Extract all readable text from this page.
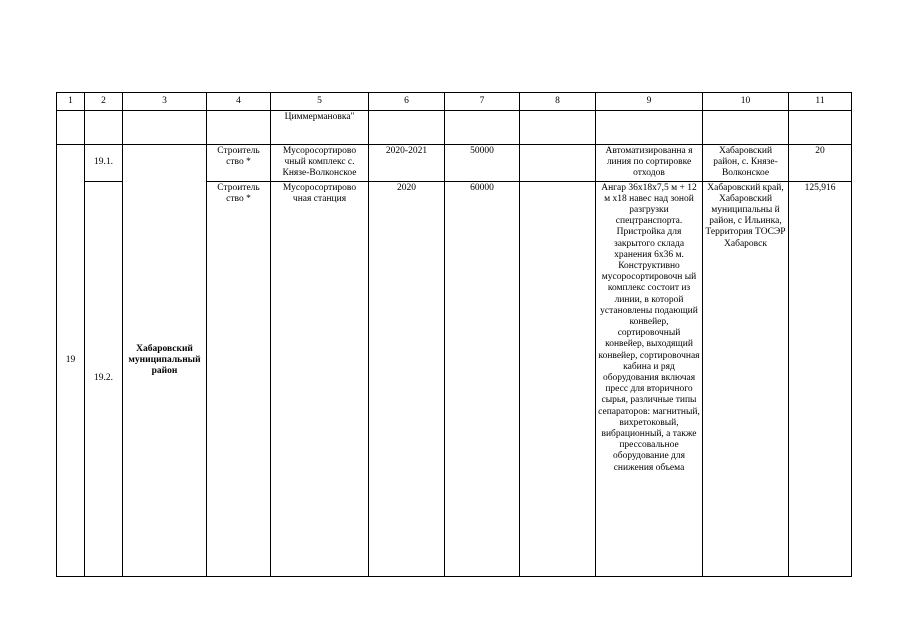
1	2	3	4	5	6	7	8	9	10	11
				Циммермановка"						
19	19.1.	Хабаровский муниципальный район	Строитель ство *	Мусоросортирово чный комплекс с. Князе-Волконское	2020-2021	50000		Автоматизированна я линия по сортировке отходов	Хабаровский район, с. Князе-Волконское	20
	19.2.		Строитель ство *	Мусоросортирово чная станция	2020	60000		Ангар 36х18х7,5 м + 12 м х18 навес над зоной разгрузки спецтранспорта. Пристройка для закрытого склада хранения 6х36 м. Конструктивно мусоросортировочн ый комплекс состоит из линии, в которой установлены подающий конвейер, сортировочный конвейер, выходящий конвейер, сортировочная кабина и ряд оборудования включая пресс для вторичного сырья, различные типы сепараторов: магнитный, вихретоковый, вибрационный, а также прессовальное оборудование для снижения объема	Хабаровский край, Хабаровский муниципальны й район, с Ильинка, Территория ТОСЭР Хабаровск	125,916
